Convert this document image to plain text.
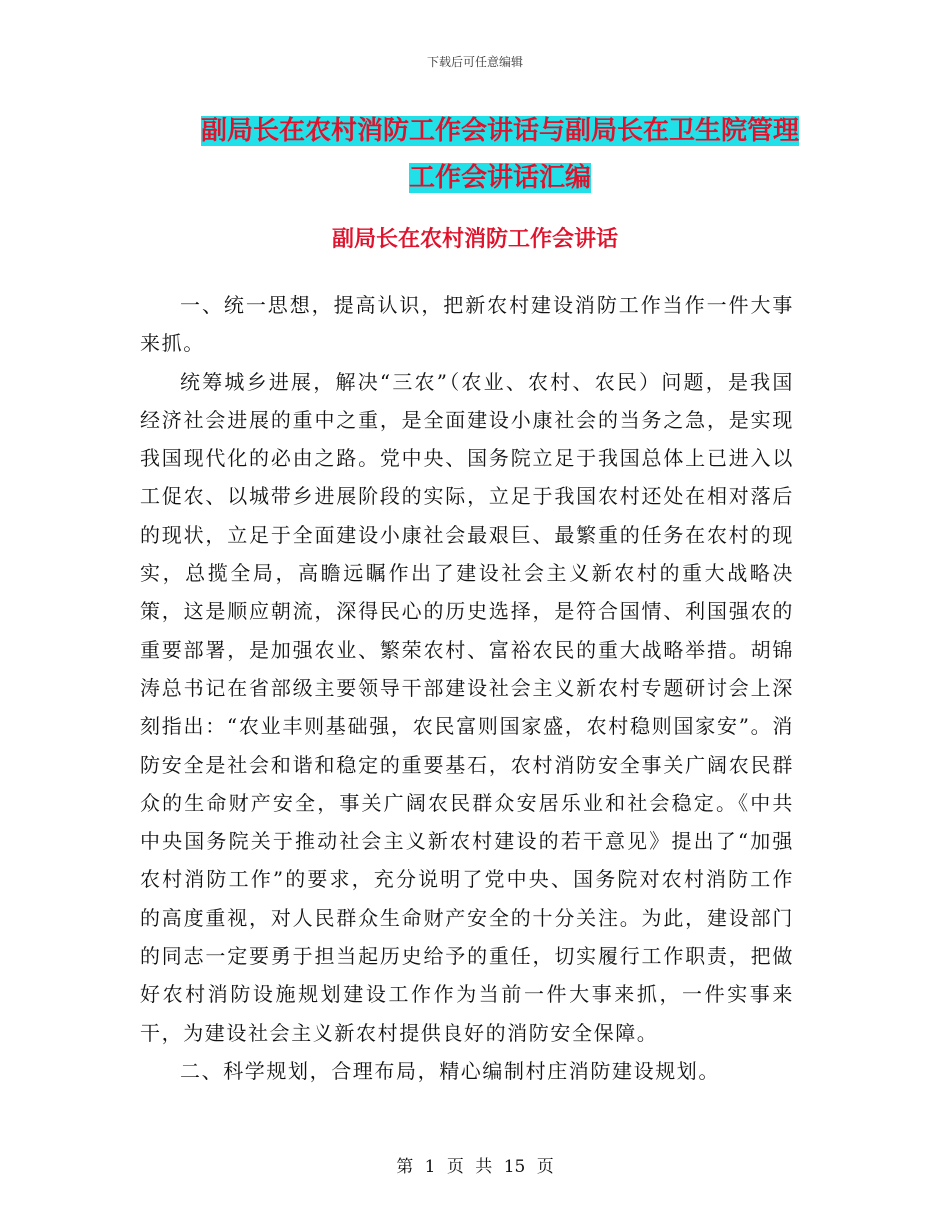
下载后可任意编辑
副局长在农村消防工作会讲话与副局长在卫生院管理
工作会讲话汇编
副局长在农村消防工作会讲话

一、统一思想，提高认识，把新农村建设消防工作当作一件大事来抓。

统筹城乡进展，解决“三农”（农业、农村、农民）问题，是我国经济社会进展的重中之重，是全面建设小康社会的当务之急，是实现我国现代化的必由之路。党中央、国务院立足于我国总体上已进入以工促农、以城带乡进展阶段的实际，立足于我国农村还处在相对落后的现状，立足于全面建设小康社会最艰巨、最繁重的任务在农村的现实，总揽全局，高瞻远瞩作出了建设社会主义新农村的重大战略决策，这是顺应朝流，深得民心的历史选择，是符合国情、利国强农的重要部署，是加强农业、繁荣农村、富裕农民的重大战略举措。胡锦涛总书记在省部级主要领导干部建设社会主义新农村专题研讨会上深刻指出：“农业丰则基础强，农民富则国家盛，农村稳则国家安”。消防安全是社会和谐和稳定的重要基石，农村消防安全事关广阔农民群众的生命财产安全，事关广阔农民群众安居乐业和社会稳定。《中共中央国务院关于推动社会主义新农村建设的若干意见》提出了“加强农村消防工作”的要求，充分说明了党中央、国务院对农村消防工作的高度重视，对人民群众生命财产安全的十分关注。为此，建设部门的同志一定要勇于担当起历史给予的重任，切实履行工作职责，把做好农村消防设施规划建设工作作为当前一件大事来抓，一件实事来干，为建设社会主义新农村提供良好的消防安全保障。

二、科学规划，合理布局，精心编制村庄消防建设规划。

第 1 页 共 15 页
